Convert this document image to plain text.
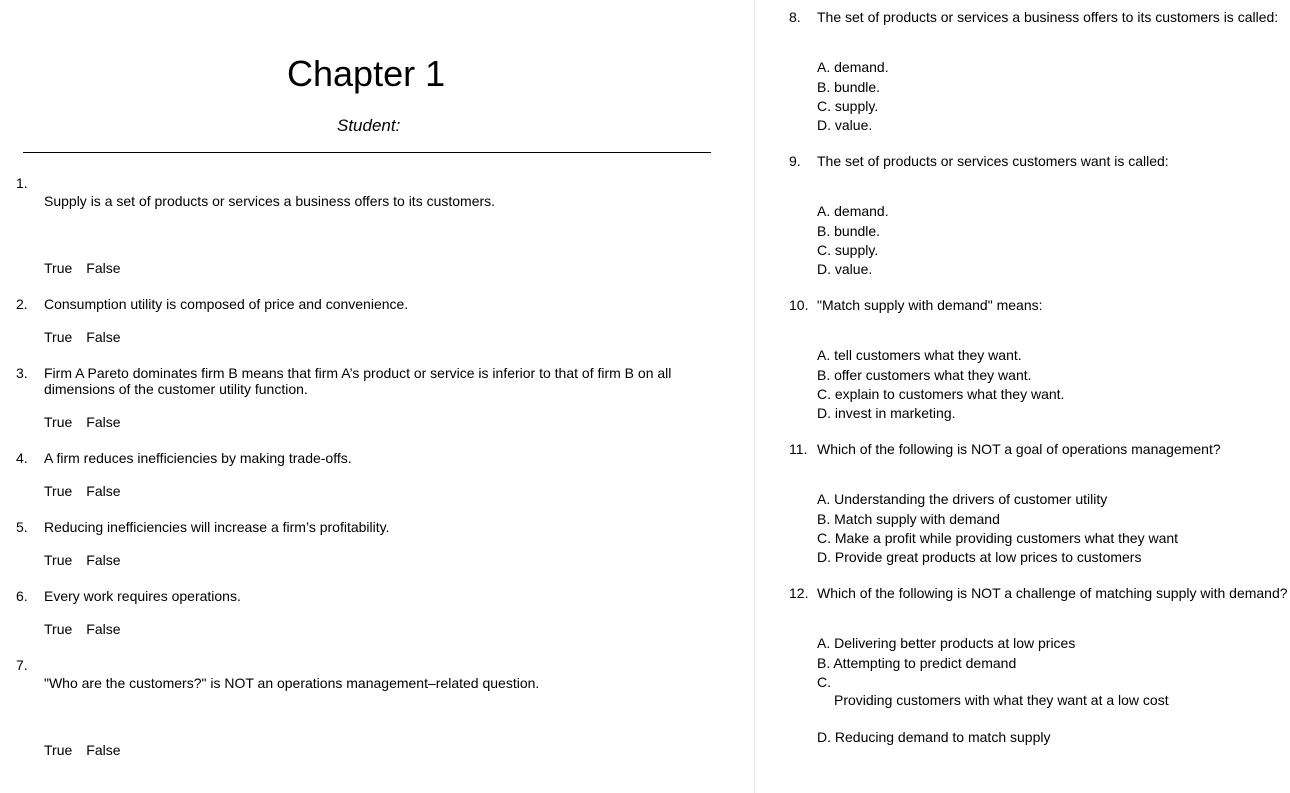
Chapter 1
Student:
1.
Supply is a set of products or services a business offers to its customers.
True False
2. Consumption utility is composed of price and convenience.
True False
3. Firm A Pareto dominates firm B means that firm A’s product or service is inferior to that of firm B on all
dimensions of the customer utility function.
True False
4. A firm reduces inefficiencies by making trade-offs.
True False
5. Reducing inefficiencies will increase a firm’s profitability.
True False
6. Every work requires operations.
True False
7.
"Who are the customers?" is NOT an operations management–related question.
True False
8. The set of products or services a business offers to its customers is called:
A. demand.
B. bundle.
C. supply.
D. value.
9. The set of products or services customers want is called:
A. demand.
B. bundle.
C. supply.
D. value.
10. "Match supply with demand" means:
A. tell customers what they want.
B. offer customers what they want.
C. explain to customers what they want.
D. invest in marketing.
11. Which of the following is NOT a goal of operations management?
A. Understanding the drivers of customer utility
B. Match supply with demand
C. Make a profit while providing customers what they want
D. Provide great products at low prices to customers
12. Which of the following is NOT a challenge of matching supply with demand?
A. Delivering better products at low prices
B. Attempting to predict demand
C.
Providing customers with what they want at a low cost
D. Reducing demand to match supply
